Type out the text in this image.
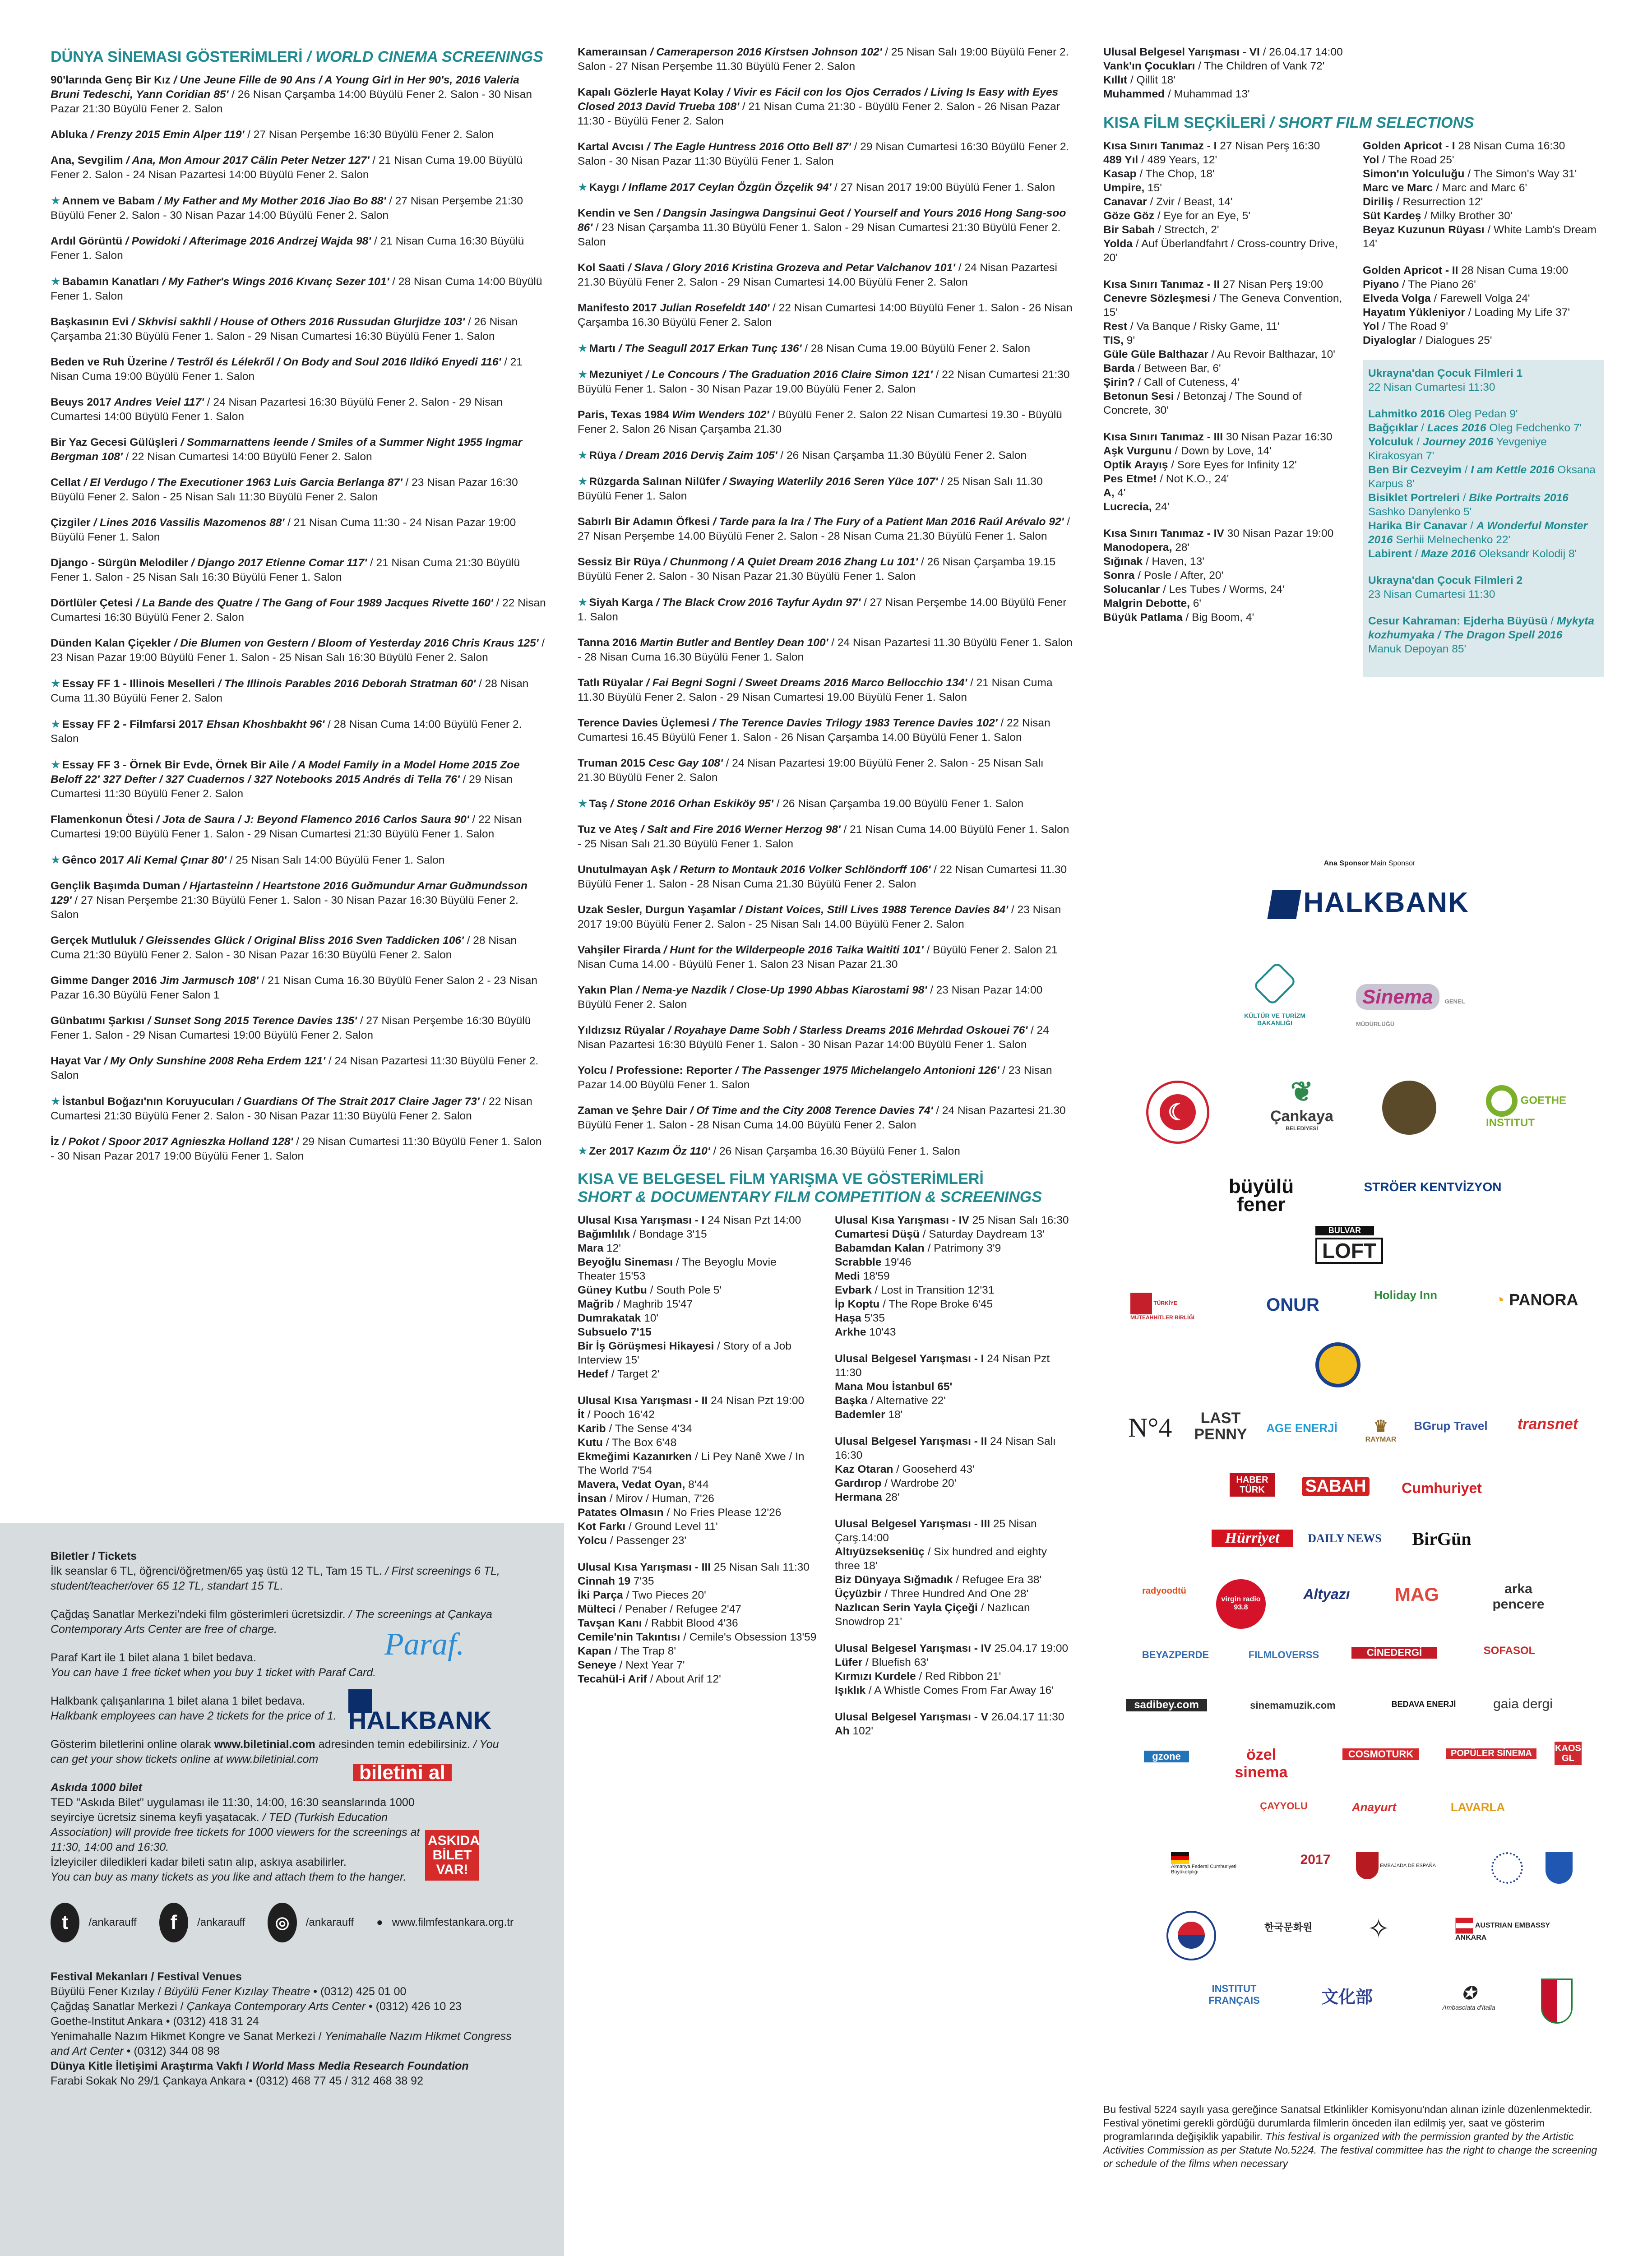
DÜNYA SİNEMASI GÖSTERİMLERİ / WORLD CINEMA SCREENINGS
90'larında Genç Bir Kız / Une Jeune Fille de 90 Ans / A Young Girl in Her 90's, 2016 Valeria Bruni Tedeschi, Yann Coridian 85' / 26 Nisan Çarşamba 14:00 Büyülü Fener 2. Salon - 30 Nisan Pazar 21:30 Büyülü Fener 2. Salon
Abluka / Frenzy 2015 Emin Alper 119' / 27 Nisan Perşembe 16:30 Büyülü Fener 2. Salon
Ana, Sevgilim / Ana, Mon Amour 2017 Călin Peter Netzer 127' / 21 Nisan Cuma 19.00 Büyülü Fener 2. Salon - 24 Nisan Pazartesi 14:00 Büyülü Fener 2. Salon
★ Annem ve Babam / My Father and My Mother 2016 Jiao Bo 88' / 27 Nisan Perşembe 21:30 Büyülü Fener 2. Salon - 30 Nisan Pazar 14:00 Büyülü Fener 2. Salon
Ardıl Görüntü / Powidoki / Afterimage 2016 Andrzej Wajda 98' / 21 Nisan Cuma 16:30 Büyülü Fener 1. Salon
★ Babamın Kanatları / My Father's Wings 2016 Kıvanç Sezer 101' / 28 Nisan Cuma 14:00 Büyülü Fener 1. Salon
Başkasının Evi / Skhvisi sakhli / House of Others 2016 Russudan Glurjidze 103' / 26 Nisan Çarşamba 21:30 Büyülü Fener 1. Salon - 29 Nisan Cumartesi 16:30 Büyülü Fener 1. Salon
Beden ve Ruh Üzerine / Testről és Lélekről / On Body and Soul 2016 Ildikó Enyedi 116' / 21 Nisan Cuma 19:00 Büyülü Fener 1. Salon
Beuys 2017 Andres Veiel 117' / 24 Nisan Pazartesi 16:30 Büyülü Fener 2. Salon - 29 Nisan Cumartesi 14:00 Büyülü Fener 1. Salon
Bir Yaz Gecesi Gülüşleri / Sommarnattens leende / Smiles of a Summer Night 1955 Ingmar Bergman 108' / 22 Nisan Cumartesi 14:00 Büyülü Fener 2. Salon
Cellat / El Verdugo / The Executioner 1963 Luis Garcia Berlanga 87' / 23 Nisan Pazar 16:30 Büyülü Fener 2. Salon - 25 Nisan Salı 11:30 Büyülü Fener 2. Salon
Çizgiler / Lines 2016 Vassilis Mazomenos 88' / 21 Nisan Cuma 11:30 - 24 Nisan Pazar 19:00 Büyülü Fener 1. Salon
Django - Sürgün Melodiler / Django 2017 Etienne Comar 117' / 21 Nisan Cuma 21:30 Büyülü Fener 1. Salon - 25 Nisan Salı 16:30 Büyülü Fener 1. Salon
Dörtlüler Çetesi / La Bande des Quatre / The Gang of Four 1989 Jacques Rivette 160' / 22 Nisan Cumartesi 16:30 Büyülü Fener 2. Salon
Dünden Kalan Çiçekler / Die Blumen von Gestern / Bloom of Yesterday 2016 Chris Kraus 125' / 23 Nisan Pazar 19:00 Büyülü Fener 1. Salon - 25 Nisan Salı 16:30 Büyülü Fener 2. Salon
★ Essay FF 1 - Illinois Meselleri / The Illinois Parables 2016 Deborah Stratman 60' / 28 Nisan Cuma 11.30 Büyülü Fener 2. Salon
★ Essay FF 2 - Filmfarsi 2017 Ehsan Khoshbakht 96' / 28 Nisan Cuma 14:00 Büyülü Fener 2. Salon
★ Essay FF 3 - Örnek Bir Evde, Örnek Bir Aile / A Model Family in a Model Home 2015 Zoe Beloff 22' 327 Defter / 327 Cuadernos / 327 Notebooks 2015 Andrés di Tella 76' / 29 Nisan Cumartesi 11:30 Büyülü Fener 2. Salon
Flamenkonun Ötesi / Jota de Saura / J: Beyond Flamenco 2016 Carlos Saura 90' / 22 Nisan Cumartesi 19:00 Büyülü Fener 1. Salon - 29 Nisan Cumartesi 21:30 Büyülü Fener 1. Salon
★ Gênco 2017 Ali Kemal Çınar 80' / 25 Nisan Salı 14:00 Büyülü Fener 1. Salon
Gençlik Başımda Duman / Hjartasteinn / Heartstone 2016 Guðmundur Arnar Guðmundsson 129' / 27 Nisan Perşembe 21:30 Büyülü Fener 1. Salon - 30 Nisan Pazar 16:30 Büyülü Fener 2. Salon
Gerçek Mutluluk / Gleissendes Glück / Original Bliss 2016 Sven Taddicken 106' / 28 Nisan Cuma 21:30 Büyülü Fener 2. Salon - 30 Nisan Pazar 16:30 Büyülü Fener 2. Salon
Gimme Danger 2016 Jim Jarmusch 108' / 21 Nisan Cuma 16.30 Büyülü Fener Salon 2 - 23 Nisan Pazar 16.30 Büyülü Fener Salon 1
Günbatımı Şarkısı / Sunset Song 2015 Terence Davies 135' / 27 Nisan Perşembe 16:30 Büyülü Fener 1. Salon - 29 Nisan Cumartesi 19:00 Büyülü Fener 2. Salon
Hayat Var / My Only Sunshine 2008 Reha Erdem 121' / 24 Nisan Pazartesi 11:30 Büyülü Fener 2. Salon
★ İstanbul Boğazı'nın Koruyucuları / Guardians Of The Strait 2017 Claire Jager 73' / 22 Nisan Cumartesi 21:30 Büyülü Fener 2. Salon - 30 Nisan Pazar 11:30 Büyülü Fener 2. Salon
İz / Pokot / Spoor 2017 Agnieszka Holland 128' / 29 Nisan Cumartesi 11:30 Büyülü Fener 1. Salon - 30 Nisan Pazar 2017 19:00 Büyülü Fener 1. Salon
Kameraınsan / Cameraperson 2016 Kirstsen Johnson 102' / 25 Nisan Salı 19:00 Büyülü Fener 2. Salon - 27 Nisan Perşembe 11.30 Büyülü Fener 2. Salon
Kapalı Gözlerle Hayat Kolay / Vivir es Fácil con los Ojos Cerrados / Living Is Easy with Eyes Closed 2013 David Trueba 108' / 21 Nisan Cuma 21:30 - Büyülü Fener 2. Salon - 26 Nisan Pazar 11:30 - Büyülü Fener 2. Salon
Kartal Avcısı / The Eagle Huntress 2016 Otto Bell 87' / 29 Nisan Cumartesi 16:30 Büyülü Fener 2. Salon - 30 Nisan Pazar 11:30 Büyülü Fener 1. Salon
★ Kaygı / Inflame 2017 Ceylan Özgün Özçelik 94' / 27 Nisan 2017 19:00 Büyülü Fener 1. Salon
Kendin ve Sen / Dangsin Jasingwa Dangsinui Geot / Yourself and Yours 2016 Hong Sang-soo 86' / 23 Nisan Çarşamba 11.30 Büyülü Fener 1. Salon - 29 Nisan Cumartesi 21:30 Büyülü Fener 2. Salon
Kol Saati / Slava / Glory 2016 Kristina Grozeva and Petar Valchanov 101' / 24 Nisan Pazartesi 21.30 Büyülü Fener 2. Salon - 29 Nisan Cumartesi 14.00 Büyülü Fener 2. Salon
Manifesto 2017 Julian Rosefeldt 140' / 22 Nisan Cumartesi 14:00 Büyülü Fener 1. Salon - 26 Nisan Çarşamba 16.30 Büyülü Fener 2. Salon
★ Martı / The Seagull 2017 Erkan Tunç 136' / 28 Nisan Cuma 19.00 Büyülü Fener 2. Salon
★ Mezuniyet / Le Concours / The Graduation 2016 Claire Simon 121' / 22 Nisan Cumartesi 21:30 Büyülü Fener 1. Salon - 30 Nisan Pazar 19.00 Büyülü Fener 2. Salon
Paris, Texas 1984 Wim Wenders 102' / Büyülü Fener 2. Salon 22 Nisan Cumartesi 19.30 - Büyülü Fener 2. Salon 26 Nisan Çarşamba 21.30
★ Rüya / Dream 2016 Derviş Zaim 105' / 26 Nisan Çarşamba 11.30 Büyülü Fener 2. Salon
★ Rüzgarda Salınan Nilüfer / Swaying Waterlily 2016 Seren Yüce 107' / 25 Nisan Salı 11.30 Büyülü Fener 1. Salon
Sabırlı Bir Adamın Öfkesi / Tarde para la Ira / The Fury of a Patient Man 2016 Raúl Arévalo 92' / 27 Nisan Perşembe 14.00 Büyülü Fener 2. Salon - 28 Nisan Cuma 21.30 Büyülü Fener 1. Salon
Sessiz Bir Rüya / Chunmong / A Quiet Dream 2016 Zhang Lu 101' / 26 Nisan Çarşamba 19.15 Büyülü Fener 2. Salon - 30 Nisan Pazar 21.30 Büyülü Fener 1. Salon
★ Siyah Karga / The Black Crow 2016 Tayfur Aydın 97' / 27 Nisan Perşembe 14.00 Büyülü Fener 1. Salon
Tanna 2016 Martin Butler and Bentley Dean 100' / 24 Nisan Pazartesi 11.30 Büyülü Fener 1. Salon - 28 Nisan Cuma 16.30 Büyülü Fener 1. Salon
Tatlı Rüyalar / Fai Begni Sogni / Sweet Dreams 2016 Marco Bellocchio 134' / 21 Nisan Cuma 11.30 Büyülü Fener 2. Salon - 29 Nisan Cumartesi 19.00 Büyülü Fener 1. Salon
Terence Davies Üçlemesi / The Terence Davies Trilogy 1983 Terence Davies 102' / 22 Nisan Cumartesi 16.45 Büyülü Fener 1. Salon - 26 Nisan Çarşamba 14.00 Büyülü Fener 1. Salon
Truman 2015 Cesc Gay 108' / 24 Nisan Pazartesi 19:00 Büyülü Fener 2. Salon - 25 Nisan Salı 21.30 Büyülü Fener 2. Salon
★ Taş / Stone 2016 Orhan Eskiköy 95' / 26 Nisan Çarşamba 19.00 Büyülü Fener 1. Salon
Tuz ve Ateş / Salt and Fire 2016 Werner Herzog 98' / 21 Nisan Cuma 14.00 Büyülü Fener 1. Salon - 25 Nisan Salı 21.30 Büyülü Fener 1. Salon
Unutulmayan Aşk / Return to Montauk 2016 Volker Schlöndorff 106' / 22 Nisan Cumartesi 11.30 Büyülü Fener 1. Salon - 28 Nisan Cuma 21.30 Büyülü Fener 2. Salon
Uzak Sesler, Durgun Yaşamlar / Distant Voices, Still Lives 1988 Terence Davies 84' / 23 Nisan 2017 19:00 Büyülü Fener 2. Salon - 25 Nisan Salı 14.00 Büyülü Fener 2. Salon
Vahşiler Firarda / Hunt for the Wilderpeople 2016 Taika Waititi 101' / Büyülü Fener 2. Salon 21 Nisan Cuma 14.00 - Büyülü Fener 1. Salon 23 Nisan Pazar 21.30
Yakın Plan / Nema-ye Nazdik / Close-Up 1990 Abbas Kiarostami 98' / 23 Nisan Pazar 14:00 Büyülü Fener 2. Salon
Yıldızsız Rüyalar / Royahaye Dame Sobh / Starless Dreams 2016 Mehrdad Oskouei 76' / 24 Nisan Pazartesi 16:30 Büyülü Fener 1. Salon - 30 Nisan Pazar 14:00 Büyülü Fener 1. Salon
Yolcu / Professione: Reporter / The Passenger 1975 Michelangelo Antonioni 126' / 23 Nisan Pazar 14.00 Büyülü Fener 1. Salon
Zaman ve Şehre Dair / Of Time and the City 2008 Terence Davies 74' / 24 Nisan Pazartesi 21.30 Büyülü Fener 1. Salon - 28 Nisan Cuma 14.00 Büyülü Fener 2. Salon
★ Zer 2017 Kazım Öz 110' / 26 Nisan Çarşamba 16.30 Büyülü Fener 1. Salon
KISA VE BELGESEL FİLM YARIŞMA VE GÖSTERİMLERİ
SHORT & DOCUMENTARY FILM COMPETITION & SCREENINGS
Ulusal Kısa Yarışması - I 24 Nisan Pzt 14:00
Bağımlılık / Bondage 3'15
Mara 12'
Beyoğlu Sineması / The Beyoglu Movie Theater 15'53
Güney Kutbu / South Pole 5'
Mağrib / Maghrib 15'47
Dumrakatak 10'
Subsuelo 7'15
Bir İş Görüşmesi Hikayesi / Story of a Job Interview 15'
Hedef / Target 2'
Ulusal Kısa Yarışması - II 24 Nisan Pzt 19:00
İt / Pooch 16'42
Karib / The Sense 4'34
Kutu / The Box 6'48
Ekmeğimi Kazanırken / Li Pey Nanê Xwe / In The World 7'54
Mavera, Vedat Oyan, 8'44
İnsan / Mirov / Human, 7'26
Patates Olmasın / No Fries Please 12'26
Kot Farkı / Ground Level 11'
Yolcu / Passenger 23'
Ulusal Kısa Yarışması - III 25 Nisan Salı 11:30
Cinnah 19 7'35
İki Parça / Two Pieces 20'
Mülteci / Penaber / Refugee 2'47
Tavşan Kanı / Rabbit Blood 4'36
Cemile'nin Takıntısı / Cemile's Obsession 13'59
Kapan / The Trap 8'
Seneye / Next Year 7'
Tecahül-i Arif / About Arif 12'
Ulusal Kısa Yarışması - IV 25 Nisan Salı 16:30
Cumartesi Düşü / Saturday Daydream 13'
Babamdan Kalan / Patrimony 3'9
Scrabble 19'46
Medi 18'59
Evbark / Lost in Transition 12'31
İp Koptu / The Rope Broke 6'45
Haşa 5'35
Arkhe 10'43
Ulusal Belgesel Yarışması - I 24 Nisan Pzt 11:30
Mana Mou İstanbul 65'
Başka / Alternative 22'
Bademler 18'
Ulusal Belgesel Yarışması - II 24 Nisan Salı 16:30
Kaz Otaran / Gooseherd 43'
Gardırop / Wardrobe 20'
Hermana 28'
Ulusal Belgesel Yarışması - III 25 Nisan Çarş.14:00
Altıyüzsekseniüç / Six hundred and eighty three 18'
Biz Dünyaya Sığmadık / Refugee Era 38'
Üçyüzbir / Three Hundred And One 28'
Nazlıcan Serin Yayla Çiçeği / Nazlıcan Snowdrop 21'
Ulusal Belgesel Yarışması - IV 25.04.17 19:00
Lüfer / Bluefish 63'
Kırmızı Kurdele / Red Ribbon 21'
Işıklık / A Whistle Comes From Far Away 16'
Ulusal Belgesel Yarışması - V 26.04.17 11:30
Ah 102'
Ulusal Belgesel Yarışması - VI / 26.04.17 14:00
Vank'ın Çocukları / The Children of Vank 72'
Kıllıt / Qillit 18'
Muhammed / Muhammad 13'
KISA FİLM SEÇKİLERİ / SHORT FILM SELECTIONS
Kısa Sınırı Tanımaz - I 27 Nisan Perş 16:30
489 Yıl / 489 Years, 12'
Kasap / The Chop, 18'
Umpire, 15'
Canavar / Zvir / Beast, 14'
Göze Göz / Eye for an Eye, 5'
Bir Sabah / Strectch, 2'
Yolda / Auf Überlandfahrt / Cross-country Drive, 20'
Kısa Sınırı Tanımaz - II 27 Nisan Perş 19:00
Cenevre Sözleşmesi / The Geneva Convention, 15'
Rest / Va Banque / Risky Game, 11'
TIS, 9'
Güle Güle Balthazar / Au Revoir Balthazar, 10'
Barda / Between Bar, 6'
Şirin? / Call of Cuteness, 4'
Betonun Sesi / Betonzaj / The Sound of Concrete, 30'
Kısa Sınırı Tanımaz - III 30 Nisan Pazar 16:30
Aşk Vurgunu / Down by Love, 14'
Optik Arayış / Sore Eyes for Infinity 12'
Pes Etme! / Not K.O., 24'
A, 4'
Lucrecia, 24'
Kısa Sınırı Tanımaz - IV 30 Nisan Pazar 19:00
Manodopera, 28'
Sığınak / Haven, 13'
Sonra / Posle / After, 20'
Solucanlar / Les Tubes / Worms, 24'
Malgrin Debotte, 6'
Büyük Patlama / Big Boom, 4'
Golden Apricot - I 28 Nisan Cuma 16:30
Yol / The Road 25'
Simon'ın Yolculuğu / The Simon's Way 31'
Marc ve Marc / Marc and Marc 6'
Diriliş / Resurrection 12'
Süt Kardeş / Milky Brother 30'
Beyaz Kuzunun Rüyası / White Lamb's Dream 14'
Golden Apricot - II 28 Nisan Cuma 19:00
Piyano / The Piano 26'
Elveda Volga / Farewell Volga 24'
Hayatım Yükleniyor / Loading My Life 37'
Yol / The Road 9'
Diyaloglar / Dialogues 25'
Ukrayna'dan Çocuk Filmleri 1
22 Nisan Cumartesi 11:30
Lahmitko 2016 Oleg Pedan 9'
Bağçıklar / Laces 2016 Oleg Fedchenko 7'
Yolculuk / Journey 2016 Yevgeniye Kirakosyan 7'
Ben Bir Cezveyim / I am Kettle 2016 Oksana Karpus 8'
Bisiklet Portreleri / Bike Portraits 2016 Sashko Danylenko 5'
Harika Bir Canavar / A Wonderful Monster 2016 Serhii Melnechenko 22'
Labirent / Maze 2016 Oleksandr Kolodij 8'
Ukrayna'dan Çocuk Filmleri 2
23 Nisan Cumartesi 11:30
Cesur Kahraman: Ejderha Büyüsü / Mykyta kozhumyaka / The Dragon Spell 2016
Manuk Depoyan 85'
Ana Sponsor Main Sponsor
HALKBANK
KÜLTÜR VE TURİZM BAKANLIĞI
Sinema GENEL MÜDÜRLÜĞÜ
☾
❦
Çankaya
BELEDİYESİ
GOETHE INSTITUT
büyülü fener
STRÖER KENTVİZYON
BULVAR
LOFT
TÜRKİYE MÜTEAHHİTLER BİRLİĞİ
ONUR	Holiday Inn	◔ PANORA
N°4	LAST PENNY	AGE ENERJİ	♛
RAYMAR
BGrup Travel	transnet
HABER TÜRK	SABAH	Cumhuriyet
Hürriyet	DAILY NEWS	BirGün
radyoodtü
virgin radio 93.8
Altyazı	MAG	arka pencere
BEYAZPERDE	FILMLOVERSS	CİNEDERGİ	SOFASOL
sadibey.com	sinemamuzik.com	BEDAVA ENERJİ	gaia dergi
gzone	özel sinema
COSMOTURK	POPÜLER SİNEMA	KAOS GL
ÇAYYOLU	Anayurt	LAVARLA
Almanya Federal Cumhuriyeti Büyükelçiliği
2017	EMBAJADA DE ESPAÑA
한국문화원	✧	AUSTRIAN EMBASSY ANKARA
INSTITUT FRANÇAIS	文化部	✪
Ambasciata d'Italia
Bu festival 5224 sayılı yasa gereğince Sanatsal Etkinlikler Komisyonu'ndan alınan izinle düzenlenmektedir. Festival yönetimi gerekli gördüğü durumlarda filmlerin önceden ilan edilmiş yer, saat ve gösterim programlarında değişiklik yapabilir. This festival is organized with the permission granted by the Artistic Activities Commission as per Statute No.5224. The festival committee has the right to change the screening or schedule of the films when necessary
Biletler / Tickets
İlk seanslar 6 TL, öğrenci/öğretmen/65 yaş üstü 12 TL, Tam 15 TL. / First screenings 6 TL, student/teacher/over 65 12 TL, standart 15 TL.
Çağdaş Sanatlar Merkezi'ndeki film gösterimleri ücretsizdir. / The screenings at Çankaya Contemporary Arts Center are free of charge.
Paraf Kart ile 1 bilet alana 1 bilet bedava.
You can have 1 free ticket when you buy 1 ticket with Paraf Card.
Paraf.
Halkbank çalışanlarına 1 bilet alana 1 bilet bedava.
Halkbank employees can have 2 tickets for the price of 1. HALKBANK
Gösterim biletlerini online olarak www.biletinial.com adresinden temin edebilirsiniz. / You can get your show tickets online at www.biletinial.com
biletini al
Askıda 1000 bilet
TED "Askıda Bilet" uygulaması ile 11:30, 14:00, 16:30 seanslarında 1000 seyirciye ücretsiz sinema keyfi yaşatacak. / TED (Turkish Education Association) will provide free tickets for 1000 viewers for the screenings at 11:30, 14:00 and 16:30.
İzleyiciler diledikleri kadar bileti satın alıp, askıya asabilirler.
You can buy as many tickets as you like and attach them to the hanger.
ASKIDA BİLET VAR!
t	/ankarauff	f	/ankarauff	◎	/ankarauff ● www.filmfestankara.org.tr
Festival Mekanları / Festival Venues
Büyülü Fener Kızılay / Büyülü Fener Kızılay Theatre • (0312) 425 01 00
Çağdaş Sanatlar Merkezi / Çankaya Contemporary Arts Center • (0312) 426 10 23
Goethe-Institut Ankara • (0312) 418 31 24
Yenimahalle Nazım Hikmet Kongre ve Sanat Merkezi / Yenimahalle Nazım Hikmet Congress and Art Center • (0312) 344 08 98
Dünya Kitle İletişimi Araştırma Vakfı / World Mass Media Research Foundation
Farabi Sokak No 29/1 Çankaya Ankara • (0312) 468 77 45 / 312 468 38 92
